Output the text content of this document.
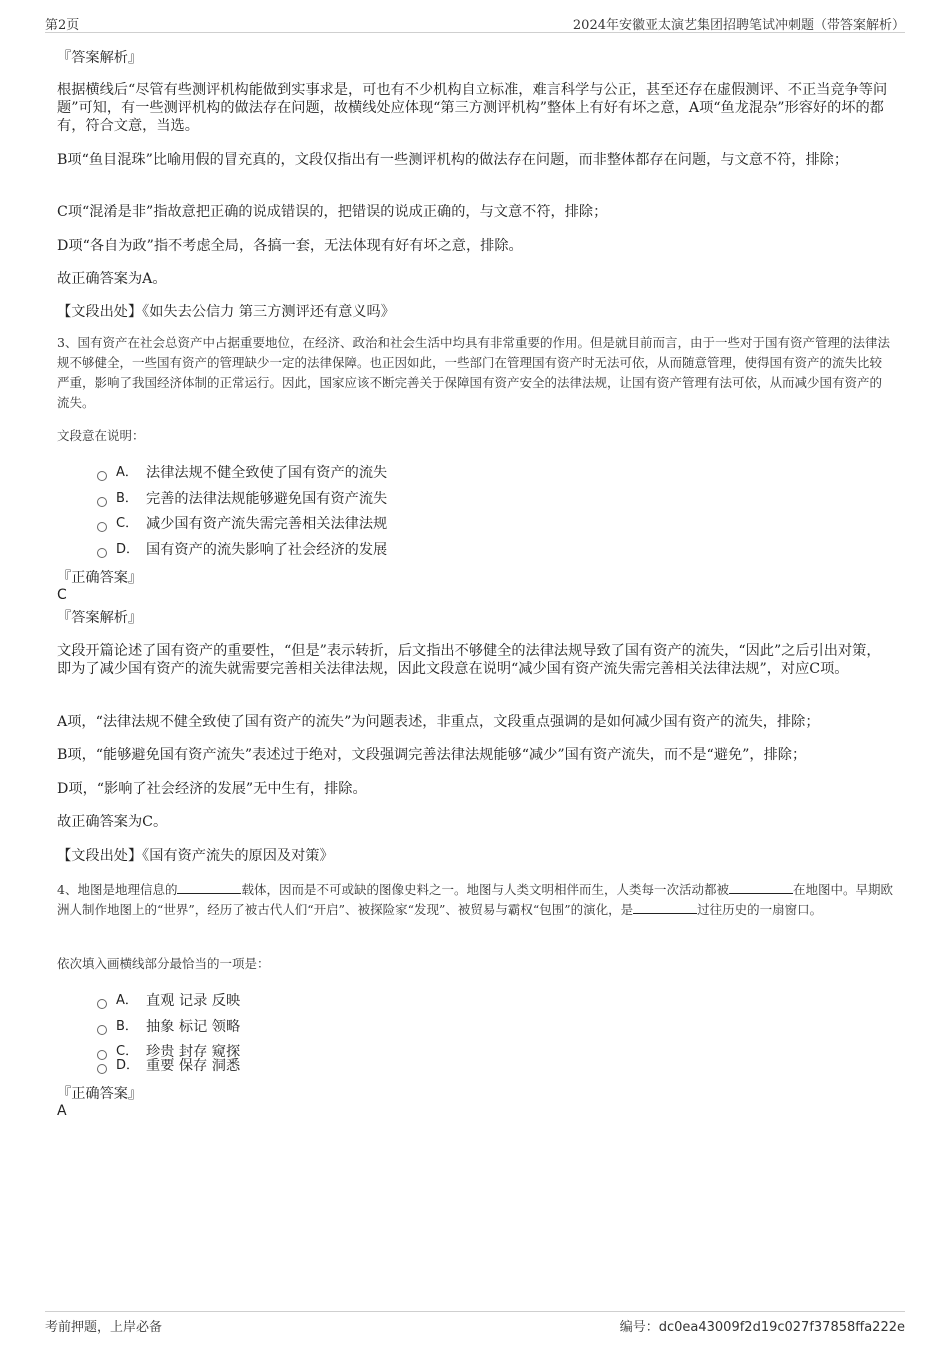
第2页	2024年安徽亚太演艺集团招聘笔试冲刺题（带答案解析）
『答案解析』
根据横线后“尽管有些测评机构能做到实事求是，可也有不少机构自立标准，难言科学与公正，甚至还存在虚假测评、不正当竞争等问题”可知，有一些测评机构的做法存在问题，故横线处应体现“第三方测评机构”整体上有好有坏之意，A项“鱼龙混杂”形容好的坏的都有，符合文意，当选。
B项“鱼目混珠”比喻用假的冒充真的，文段仅指出有一些测评机构的做法存在问题，而非整体都存在问题，与文意不符，排除；
C项“混淆是非”指故意把正确的说成错误的，把错误的说成正确的，与文意不符，排除；
D项“各自为政”指不考虑全局，各搞一套，无法体现有好有坏之意，排除。
故正确答案为A。
【文段出处】《如失去公信力 第三方测评还有意义吗》
3、国有资产在社会总资产中占据重要地位，在经济、政治和社会生活中均具有非常重要的作用。但是就目前而言，由于一些对于国有资产管理的法律法规不够健全，一些国有资产的管理缺少一定的法律保障。也正因如此，一些部门在管理国有资产时无法可依，从而随意管理，使得国有资产的流失比较严重，影响了我国经济体制的正常运行。因此，国家应该不断完善关于保障国有资产安全的法律法规，让国有资产管理有法可依，从而减少国有资产的流失。
文段意在说明：
A． 法律法规不健全致使了国有资产的流失
B． 完善的法律法规能够避免国有资产流失
C． 减少国有资产流失需完善相关法律法规
D． 国有资产的流失影响了社会经济的发展
『正确答案』
C
『答案解析』
文段开篇论述了国有资产的重要性，“但是”表示转折，后文指出不够健全的法律法规导致了国有资产的流失，“因此”之后引出对策，即为了减少国有资产的流失就需要完善相关法律法规，因此文段意在说明“减少国有资产流失需完善相关法律法规”，对应C项。
A项，“法律法规不健全致使了国有资产的流失”为问题表述，非重点，文段重点强调的是如何减少国有资产的流失，排除；
B项，“能够避免国有资产流失”表述过于绝对，文段强调完善法律法规能够“减少”国有资产流失，而不是“避免”，排除；
D项，“影响了社会经济的发展”无中生有，排除。
故正确答案为C。
【文段出处】《国有资产流失的原因及对策》
4、地图是地理信息的	载体，因而是不可或缺的图像史料之一。地图与人类文明相伴而生，人类每一次活动都被	在地图中。早期欧洲人制作地图上的“世界”，经历了被古代人们“开启”、被探险家“发现”、被贸易与霸权“包围”的演化，是	过往历史的一扇窗口。
依次填入画横线部分最恰当的一项是：
A． 直观 记录 反映
B． 抽象 标记 领略
C． 珍贵 封存 窥探
D． 重要 保存 洞悉
『正确答案』
A
考前押题，上岸必备	编号：dc0ea43009f2d19c027f37858ffa222e
